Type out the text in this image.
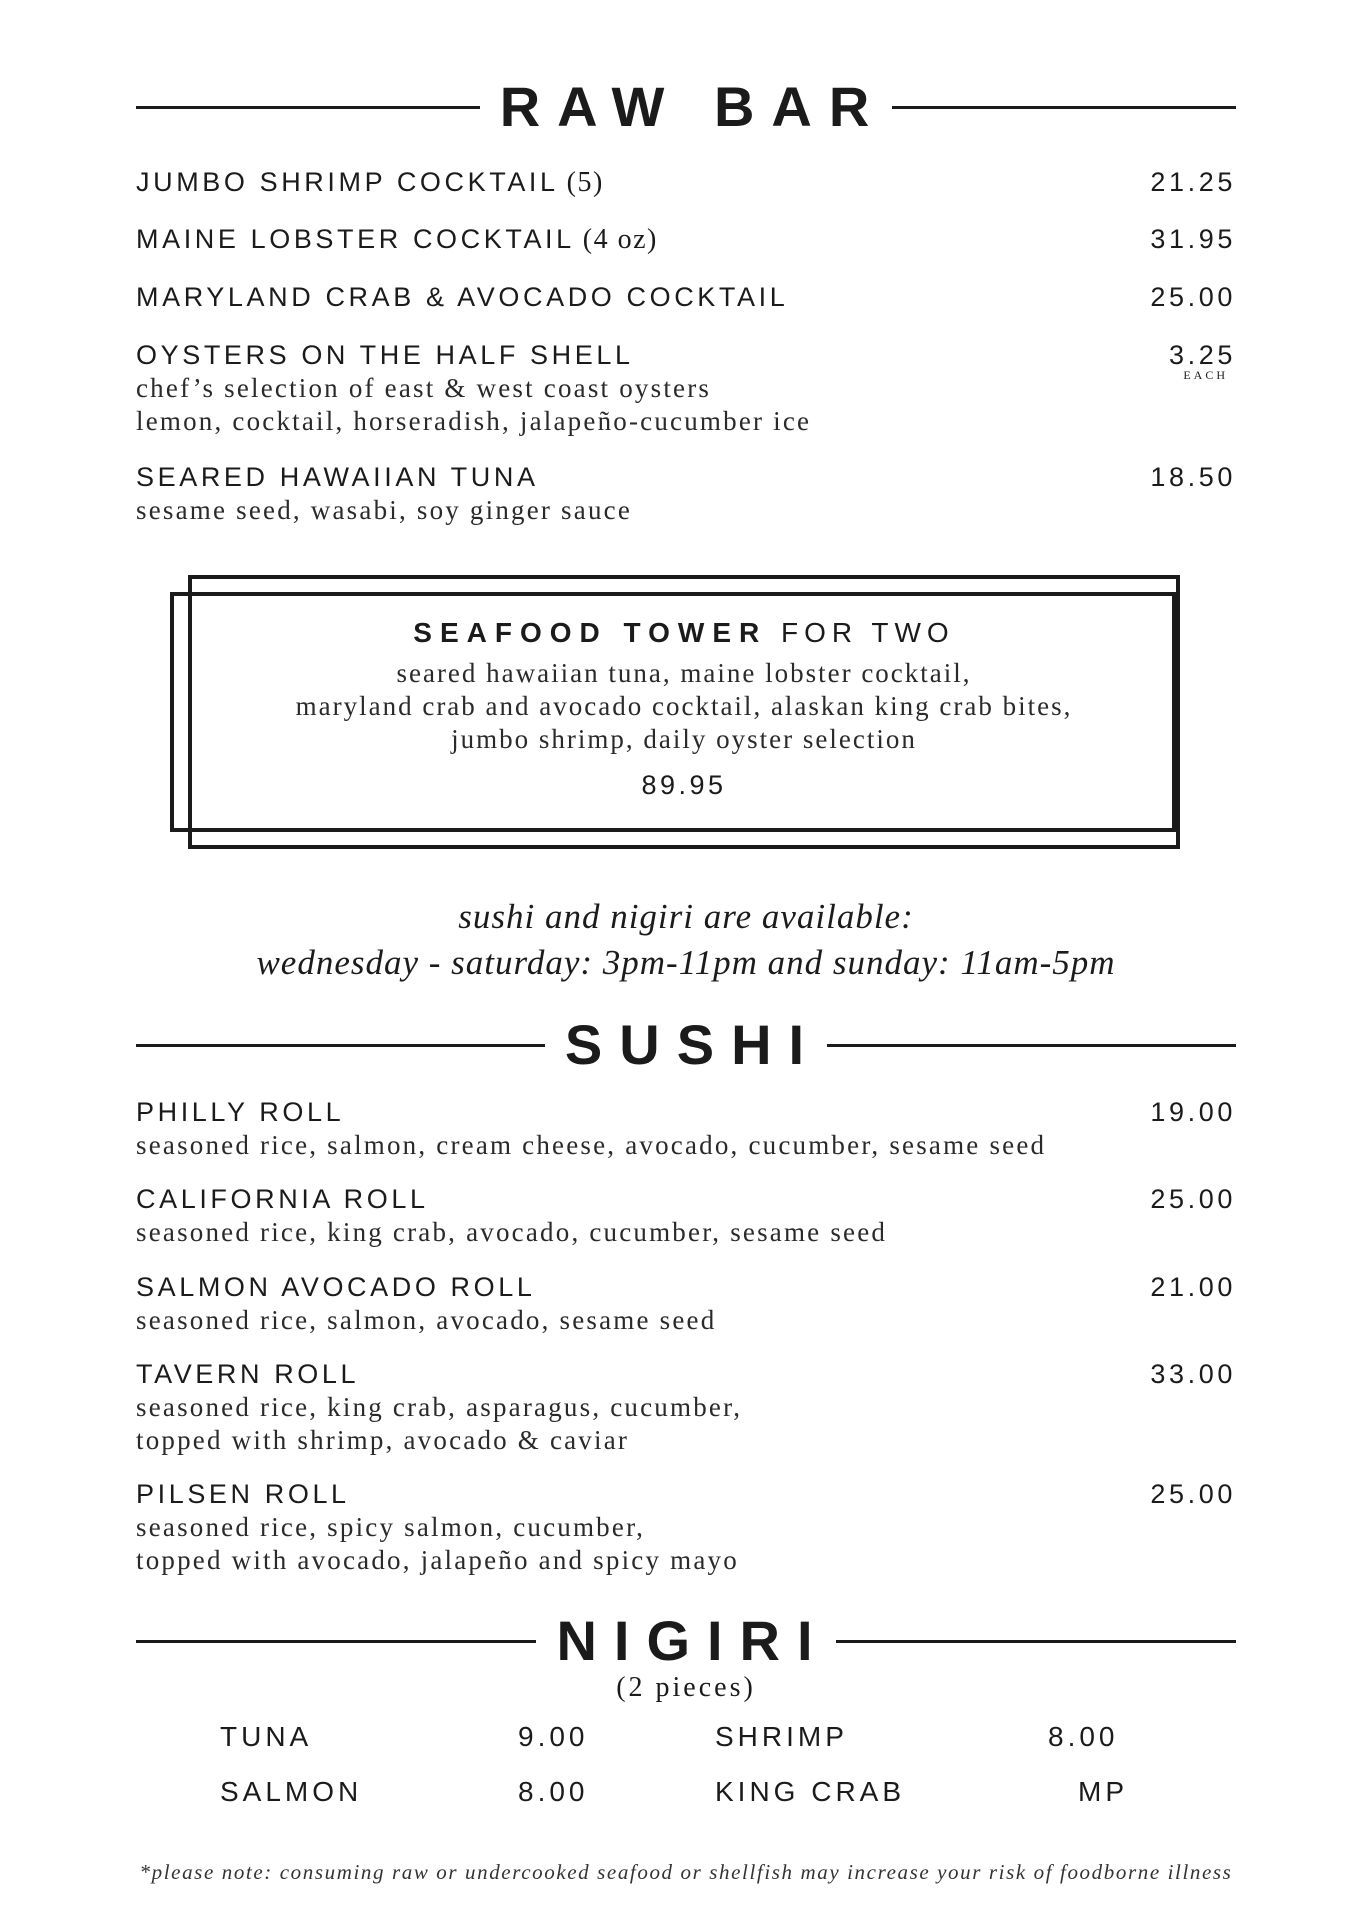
RAW BAR
JUMBO SHRIMP COCKTAIL (5)	21.25
MAINE LOBSTER COCKTAIL (4 oz)	31.95
MARYLAND CRAB & AVOCADO COCKTAIL	25.00
OYSTERS ON THE HALF SHELL	3.25
EACH
chef’s selection of east & west coast oysters
lemon, cocktail, horseradish, jalapeño-cucumber ice
SEARED HAWAIIAN TUNA	18.50
sesame seed, wasabi, soy ginger sauce
SEAFOOD TOWER FOR TWO
seared hawaiian tuna, maine lobster cocktail,
maryland crab and avocado cocktail, alaskan king crab bites,
jumbo shrimp, daily oyster selection
89.95
sushi and nigiri are available:
wednesday - saturday: 3pm-11pm and sunday: 11am-5pm
SUSHI
PHILLY ROLL	19.00
seasoned rice, salmon, cream cheese, avocado, cucumber, sesame seed
CALIFORNIA ROLL	25.00
seasoned rice, king crab, avocado, cucumber, sesame seed
SALMON AVOCADO ROLL	21.00
seasoned rice, salmon, avocado, sesame seed
TAVERN ROLL	33.00
seasoned rice, king crab, asparagus, cucumber,
topped with shrimp, avocado & caviar
PILSEN ROLL	25.00
seasoned rice, spicy salmon, cucumber,
topped with avocado, jalapeño and spicy mayo
NIGIRI
(2 pieces)
TUNA	9.00	SHRIMP	8.00
SALMON	8.00	KING CRAB	MP
*please note: consuming raw or undercooked seafood or shellfish may increase your risk of foodborne illness
